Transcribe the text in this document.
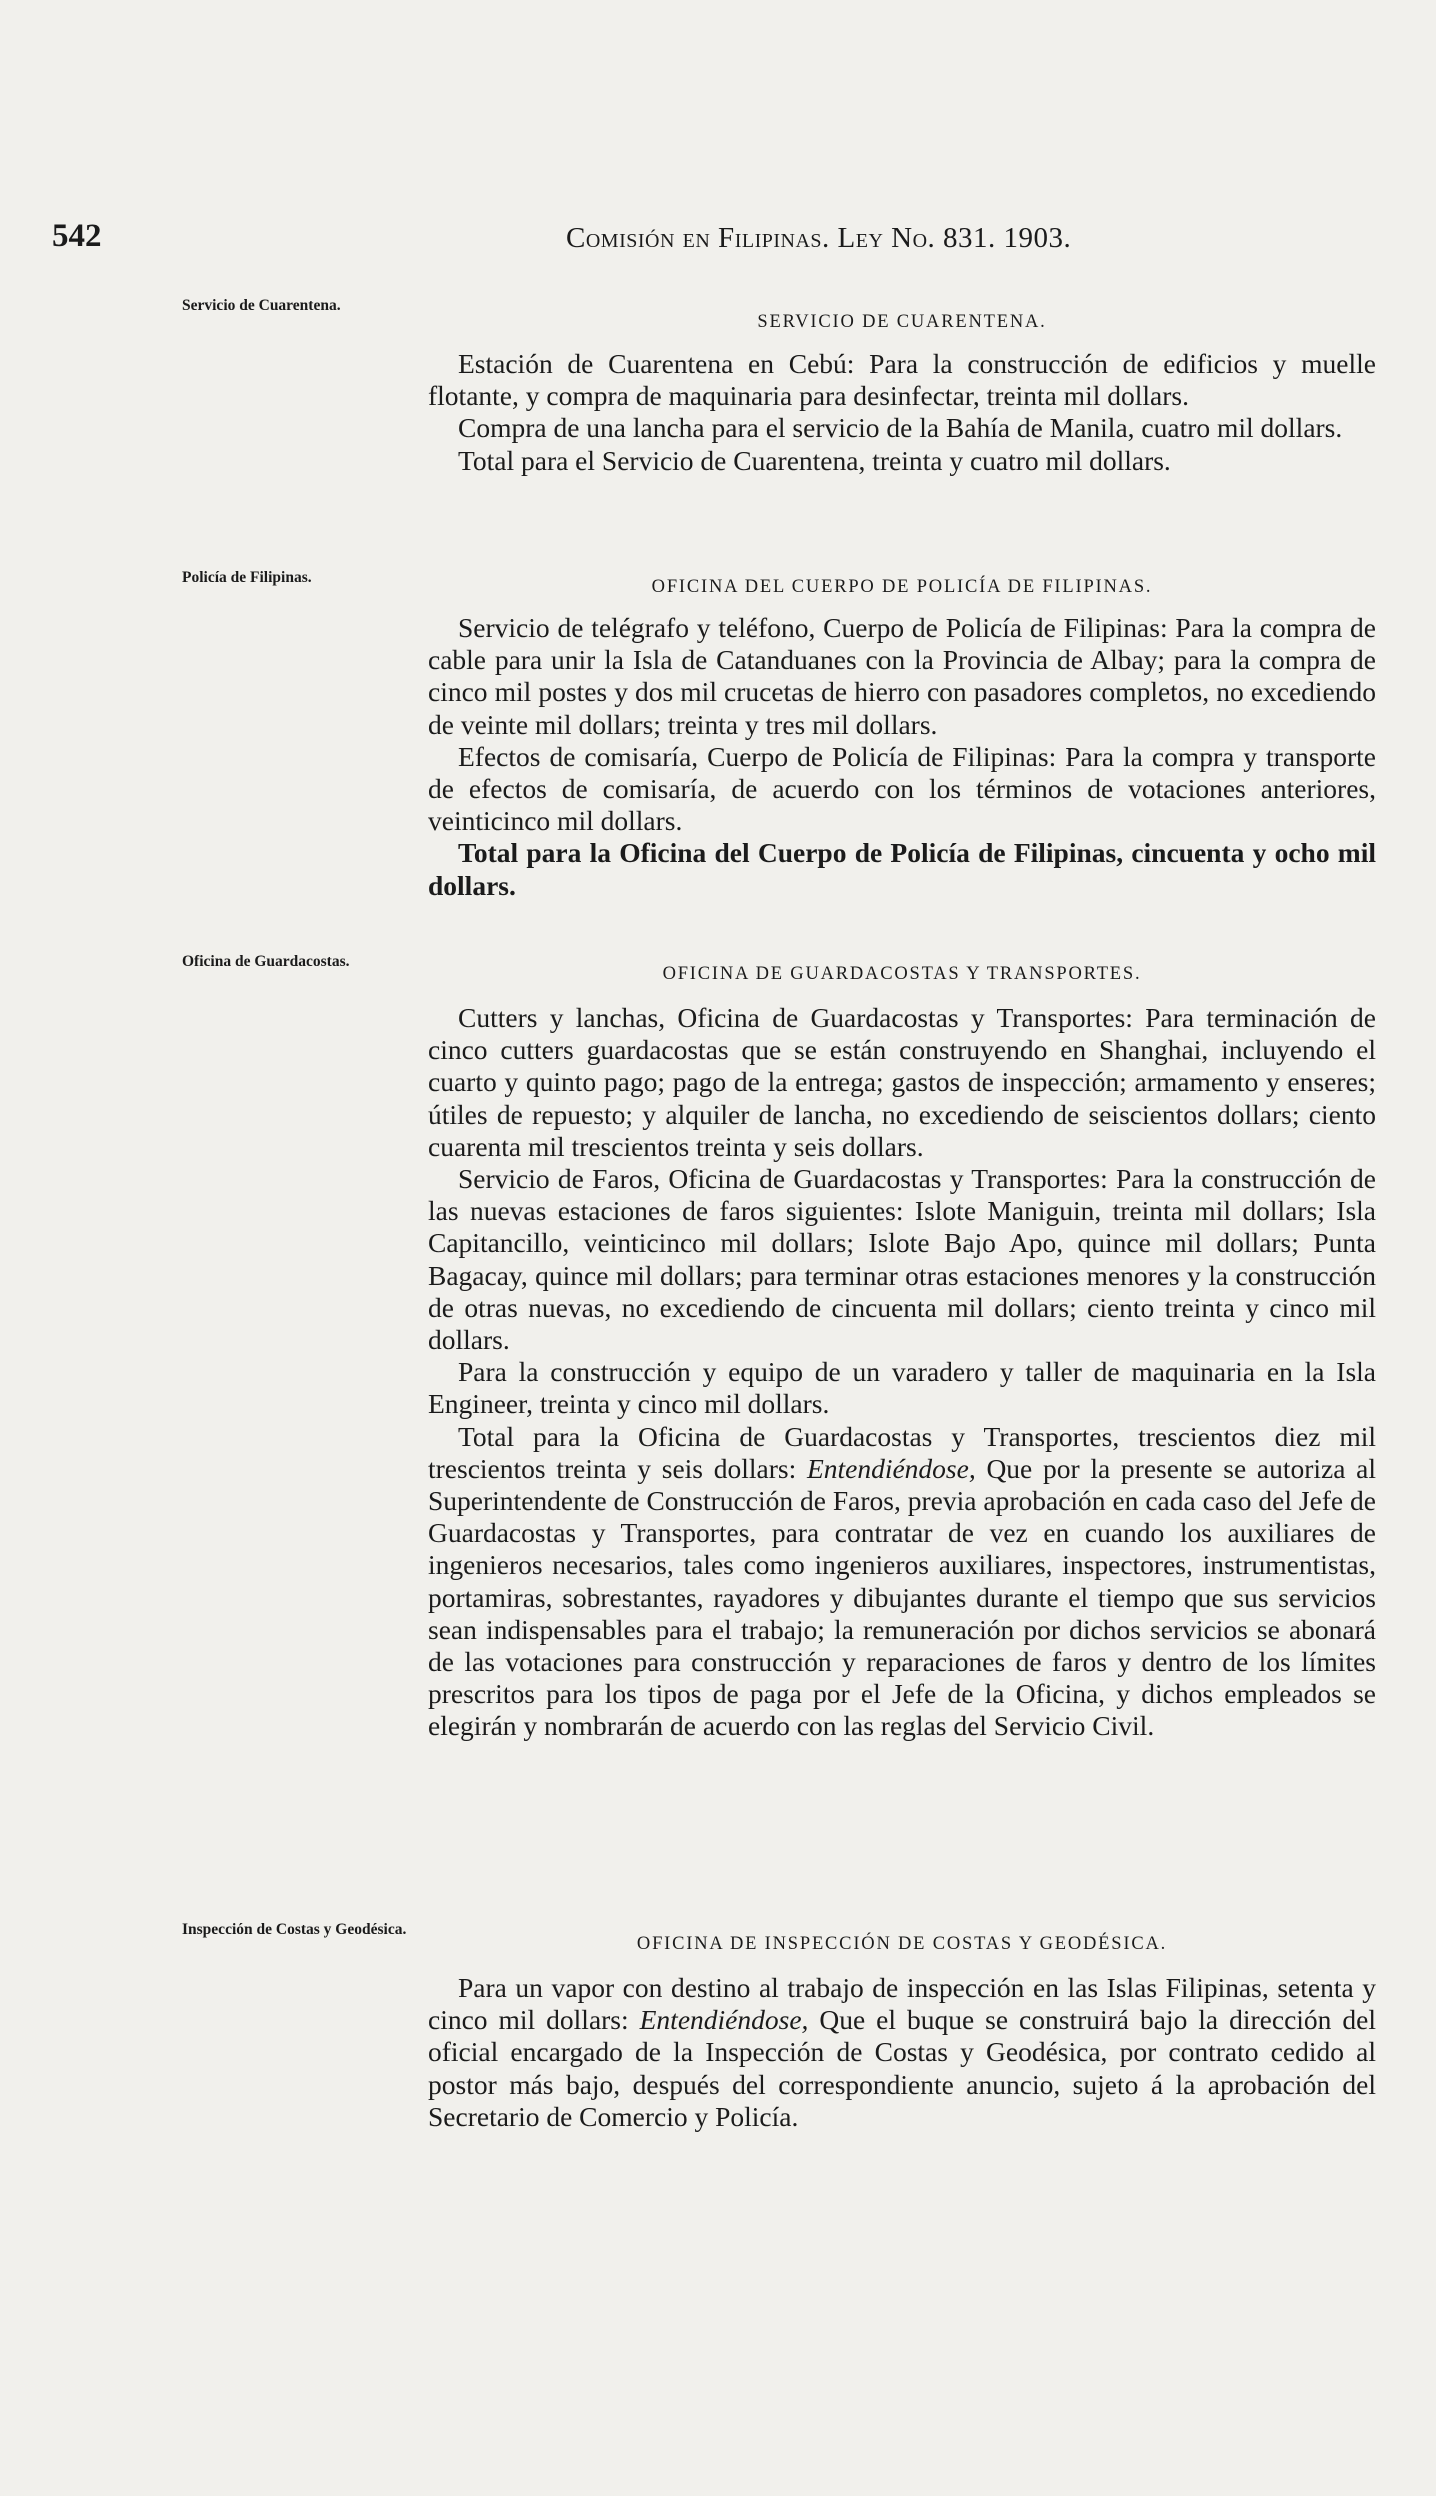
542	Comisión en Filipinas. Ley No. 831. 1903.
Servicio de Cuarentena.
SERVICIO DE CUARENTENA.

Estación de Cuarentena en Cebú: Para la construcción de edificios y muelle flotante, y compra de maquinaria para desinfectar, treinta mil dollars.

Compra de una lancha para el servicio de la Bahía de Manila, cuatro mil dollars.

Total para el Servicio de Cuarentena, treinta y cuatro mil dollars.

Policía de Filipinas.	OFICINA DEL CUERPO DE POLICÍA DE FILIPINAS.

Servicio de telégrafo y teléfono, Cuerpo de Policía de Filipinas: Para la compra de cable para unir la Isla de Catanduanes con la Provincia de Albay; para la compra de cinco mil postes y dos mil crucetas de hierro con pasadores completos, no excediendo de veinte mil dollars; treinta y tres mil dollars.

Efectos de comisaría, Cuerpo de Policía de Filipinas: Para la compra y transporte de efectos de comisaría, de acuerdo con los términos de votaciones anteriores, veinticinco mil dollars.

Total para la Oficina del Cuerpo de Policía de Filipinas, cincuenta y ocho mil dollars.

Oficina de Guardacostas.
OFICINA DE GUARDACOSTAS Y TRANSPORTES.

Cutters y lanchas, Oficina de Guardacostas y Transportes: Para terminación de cinco cutters guardacostas que se están construyendo en Shanghai, incluyendo el cuarto y quinto pago; pago de la entrega; gastos de inspección; armamento y enseres; útiles de repuesto; y alquiler de lancha, no excediendo de seiscientos dollars; ciento cuarenta mil trescientos treinta y seis dollars.

Servicio de Faros, Oficina de Guardacostas y Transportes: Para la construcción de las nuevas estaciones de faros siguientes: Islote Maniguin, treinta mil dollars; Isla Capitancillo, veinticinco mil dollars; Islote Bajo Apo, quince mil dollars; Punta Bagacay, quince mil dollars; para terminar otras estaciones menores y la construcción de otras nuevas, no excediendo de cincuenta mil dollars; ciento treinta y cinco mil dollars.

Para la construcción y equipo de un varadero y taller de maquinaria en la Isla Engineer, treinta y cinco mil dollars.

Total para la Oficina de Guardacostas y Transportes, trescientos diez mil trescientos treinta y seis dollars: Entendiéndose, Que por la presente se autoriza al Superintendente de Construcción de Faros, previa aprobación en cada caso del Jefe de Guardacostas y Transportes, para contratar de vez en cuando los auxiliares de ingenieros necesarios, tales como ingenieros auxiliares, inspectores, instrumentistas, portamiras, sobrestantes, rayadores y dibujantes durante el tiempo que sus servicios sean indispensables para el trabajo; la remuneración por dichos servicios se abonará de las votaciones para construcción y reparaciones de faros y dentro de los límites prescritos para los tipos de paga por el Jefe de la Oficina, y dichos empleados se elegirán y nombrarán de acuerdo con las reglas del Servicio Civil.

Inspección de Costas y Geodésica.
OFICINA DE INSPECCIÓN DE COSTAS Y GEODÉSICA.

Para un vapor con destino al trabajo de inspección en las Islas Filipinas, setenta y cinco mil dollars: Entendiéndose, Que el buque se construirá bajo la dirección del oficial encargado de la Inspección de Costas y Geodésica, por contrato cedido al postor más bajo, después del correspondiente anuncio, sujeto á la aprobación del Secretario de Comercio y Policía.
